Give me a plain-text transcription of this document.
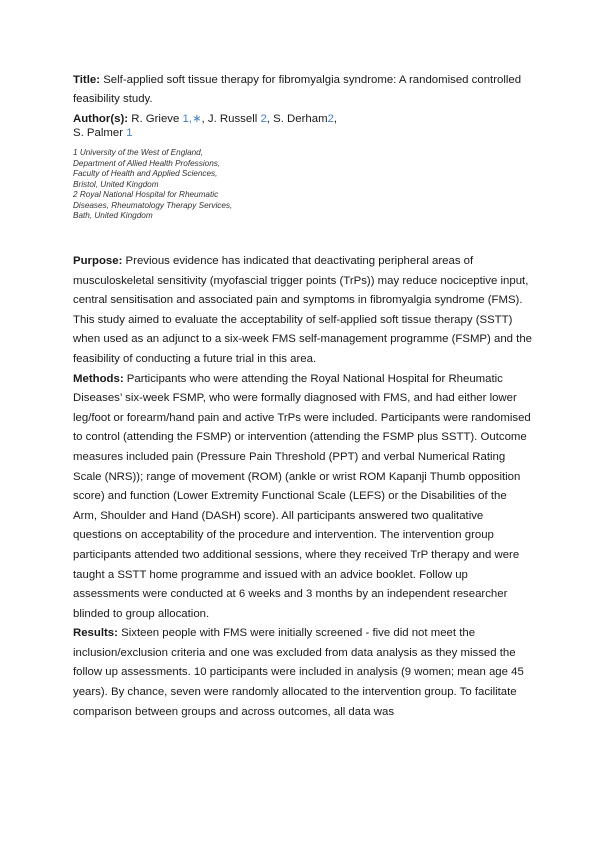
Title: Self-applied soft tissue therapy for fibromyalgia syndrome: A randomised controlled feasibility study.

Author(s): R. Grieve 1,∗, J. Russell 2, S. Derham2,
S. Palmer 1

1 University of the West of England,
Department of Allied Health Professions,
Faculty of Health and Applied Sciences,
Bristol, United Kingdom
2 Royal National Hospital for Rheumatic
Diseases, Rheumatology Therapy Services,
Bath, United Kingdom

Purpose: Previous evidence has indicated that deactivating peripheral areas of musculoskeletal sensitivity (myofascial trigger points (TrPs)) may reduce nociceptive input, central sensitisation and associated pain and symptoms in fibromyalgia syndrome (FMS). This study aimed to evaluate the acceptability of self-applied soft tissue therapy (SSTT) when used as an adjunct to a six-week FMS self-management programme (FSMP) and the feasibility of conducting a future trial in this area.

Methods: Participants who were attending the Royal National Hospital for Rheumatic Diseases’ six-week FSMP, who were formally diagnosed with FMS, and had either lower leg/foot or forearm/hand pain and active TrPs were included. Participants were randomised to control (attending the FSMP) or intervention (attending the FSMP plus SSTT). Outcome measures included pain (Pressure Pain Threshold (PPT) and verbal Numerical Rating Scale (NRS)); range of movement (ROM) (ankle or wrist ROM Kapanji Thumb opposition score) and function (Lower Extremity Functional Scale (LEFS) or the Disabilities of the Arm, Shoulder and Hand (DASH) score). All participants answered two qualitative questions on acceptability of the procedure and intervention. The intervention group participants attended two additional sessions, where they received TrP therapy and were taught a SSTT home programme and issued with an advice booklet. Follow up assessments were conducted at 6 weeks and 3 months by an independent researcher blinded to group allocation.

Results: Sixteen people with FMS were initially screened - five did not meet the inclusion/exclusion criteria and one was excluded from data analysis as they missed the follow up assessments. 10 participants were included in analysis (9 women; mean age 45 years). By chance, seven were randomly allocated to the intervention group. To facilitate comparison between groups and across outcomes, all data was
